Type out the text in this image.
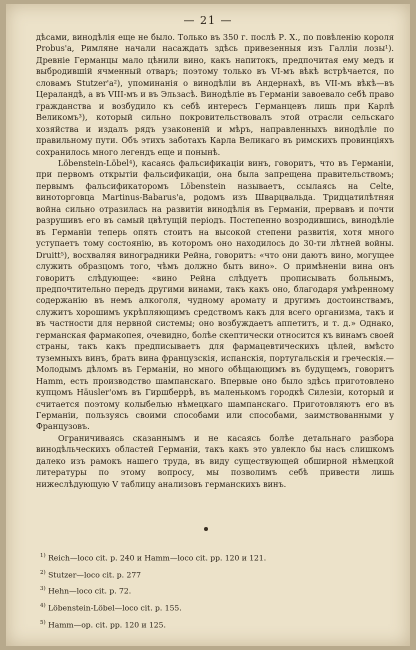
— 21 —

дѣсами, винодѣлія еще не было. Только въ 350 г. послѣ Р. Х., по повѣленію короля Probus'а, Римляне начали насаждать здѣсь привезенныя изъ Галліи лозы¹). Древніе Германцы мало цѣнили вино, какъ напитокъ, предпочитая ему медъ и выбродившій ячменный отваръ; поэтому только въ VI-мъ вѣкѣ встрѣчается, по словамъ Stutzer'а²), упоминанія о винодѣліи въ Андернахѣ, въ VII-мъ вѣкѣ—въ Цераландѣ, а въ VIII-мъ и въ Эльзасѣ. Винодѣліе въ Германіи завоевало себѣ право гражданства и возбудило къ себѣ интересъ Германцевъ лишь при Карлѣ Великомъ³), который сильно покровительствовалъ этой отрасли сельскаго хозяйства и издалъ рядъ узаконеній и мѣръ, направленныхъ винодѣліе по правильному пути. Объ этихъ заботахъ Карла Великаго въ римскихъ провинціяхъ сохранилось много легендъ еще и понынѣ.

Löbenstein-Löbel⁴), касаясь фальсификаціи винъ, говоритъ, что въ Германіи, при первомъ открытіи фальсификаціи, она была запрещена правительствомъ; первымъ фальсификаторомъ Löbenstein называетъ, ссылаясь на Celte, виноторговца Martinus-Babarus'а, родомъ изъ Шварцвальда. Тридцатилѣтняя война сильно отразилась на развитіи винодѣлія въ Германіи, прервавъ и почти разрушивъ его въ самый цвѣтущій періодъ. Постепенно возродившись, винодѣліе въ Германіи теперь опять стоитъ на высокой степени развитія, хотя много уступаетъ тому состоянію, въ которомъ оно находилось до 30-ти лѣтней войны. Druitt⁵), восхваляя виноградники Рейна, говоритъ: «что они даютъ вино, могущее служить образцомъ того, чѣмъ должно быть вино». О примѣненіи вина онъ говоритъ слѣдующее: «вино Рейна слѣдуетъ прописывать больнымъ, предпочтительно передъ другими винами, такъ какъ оно, благодаря умѣренному содержанію въ немъ алкоголя, чудному аромату и другимъ достоинствамъ, служитъ хорошимъ укрѣпляющимъ средствомъ какъ для всего организма, такъ и въ частности для нервной системы; оно возбуждаетъ аппетитъ, и т. д.» Однако, германская фармакопея, очевидно, болѣе скептически относится къ винамъ своей страны, такъ какъ предписываетъ для фармацевтическихъ цѣлей, вмѣсто туземныхъ винъ, брать вина французскія, испанскія, португальскія и греческія.—Молодымъ дѣломъ въ Германіи, но много обѣщающимъ въ будущемъ, говоритъ Hamm, есть производство шампанскаго. Впервые оно было здѣсь приготовлено купцомъ Häusler'омъ въ Гиршберрѣ, въ маленькомъ городкѣ Силезіи, который и считается поэтому колыбелью нѣмецкаго шампанскаго. Приготовляютъ его въ Германіи, пользуясь своими способами или способами, заимствованными у Французовъ.

Ограничиваясь сказаннымъ и не касаясь болѣе детальнаго разбора винодѣльческихъ областей Германіи, такъ какъ это увлекло бы насъ слишкомъ далеко изъ рамокъ нашего труда, въ виду существующей обширной нѣмецкой литературы по этому вопросу, мы позволимъ себѣ привести лишь нижеслѣдующую V таблицу анализовъ германскихъ винъ.

$^{1)}$ Reich—loco cit. p. 240 и Hamm—loco cit. pp. 120 и 121.
$^{2)}$ Stutzer—loco cit. p. 277
$^{3)}$ Hehn—loco cit. p. 72.
$^{4)}$ Löbenstein-Löbel—loco cit. p. 155.
$^{5)}$ Hamm—op. cit. pp. 120 и 125.
